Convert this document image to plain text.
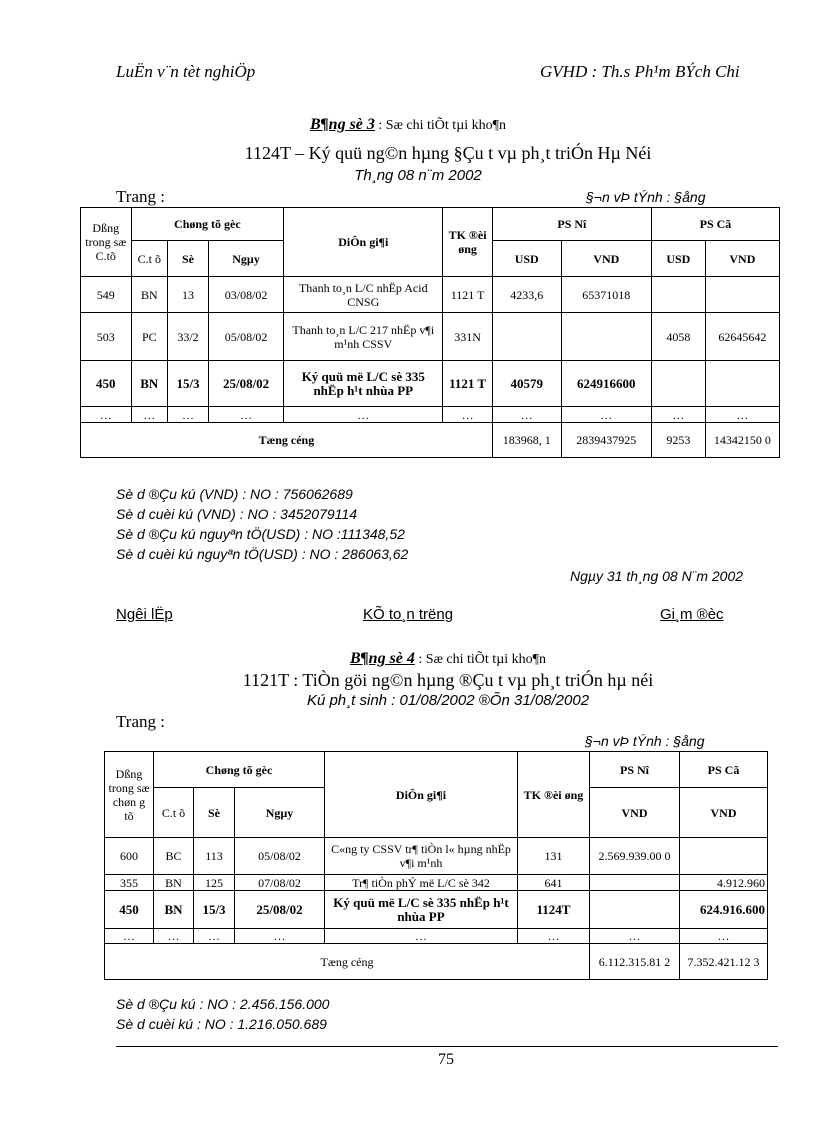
LuËn v¨n tèt nghiÖp	GVHD : Th.s Ph¹m BÝch Chi
B¶ng sè 3 : Sæ chi tiÕt tµi kho¶n
1124T – Ký quü ng©n hµng §Çu t vµ ph¸t triÓn Hµ Néi
Th¸ng 08 n¨m 2002
Trang :	§¬n vÞ tÝnh : §ång
Dßng trong sæ C.tõ	Chøng tõ gèc			DiÔn gi¶i	TK ®èi øng	PS Nî		PS Cã	
	C.t õ	Sè	Ngµy			USD	VND	USD	VND
549	BN	13	03/08/02	Thanh to¸n L/C nhËp Acid CNSG	1121 T	4233,6	65371018		
503	PC	33/2	05/08/02	Thanh to¸n L/C 217 nhËp v¶i m¹nh CSSV	331N			4058	62645642
450	BN	15/3	25/08/02	Ký quü më L/C sè 335 nhËp h¹t nhùa PP	1121 T	40579	624916600		
…	…	…	…	…	…	…	…	…	…
Tæng céng						183968, 1	2839437925	9253	14342150 0
Sè d ®Çu kú (VND) : NO : 756062689
Sè d cuèi kú (VND) : NO : 3452079114
Sè d ®Çu kú nguyªn tÖ(USD) : NO :111348,52
Sè d cuèi kú nguyªn tÖ(USD) : NO : 286063,62
Ngµy 31 th¸ng 08 N¨m 2002
Ngêi lËp	KÕ to¸n trëng	Gi¸m ®èc
B¶ng sè 4 : Sæ chi tiÕt tµi kho¶n
1121T : TiÒn göi ng©n hµng ®Çu t vµ ph¸t triÓn hµ néi
Kú ph¸t sinh : 01/08/2002 ®Õn 31/08/2002
Trang :
§¬n vÞ tÝnh : §ång
Dßng trong sæ chøn g tõ	Chøng tõ gèc			DiÔn gi¶i	TK ®èi øng	PS Nî	PS Cã
	C.t õ	Sè	Ngµy			VND	VND
600	BC	113	05/08/02	C«ng ty CSSV tr¶ tiÒn l« hµng nhËp v¶i m¹nh	131	2.569.939.00 0	
355	BN	125	07/08/02	Tr¶ tiÒn phÝ më L/C sè 342	641		4.912.960
450	BN	15/3	25/08/02	Ký quü më L/C sè 335 nhËp h¹t nhùa PP	1124T		624.916.600
…	…	…	…	…	…	…	…
Tæng céng						6.112.315.81 2	7.352.421.12 3
Sè d ®Çu kú : NO : 2.456.156.000
Sè d cuèi kú : NO : 1.216.050.689
75
